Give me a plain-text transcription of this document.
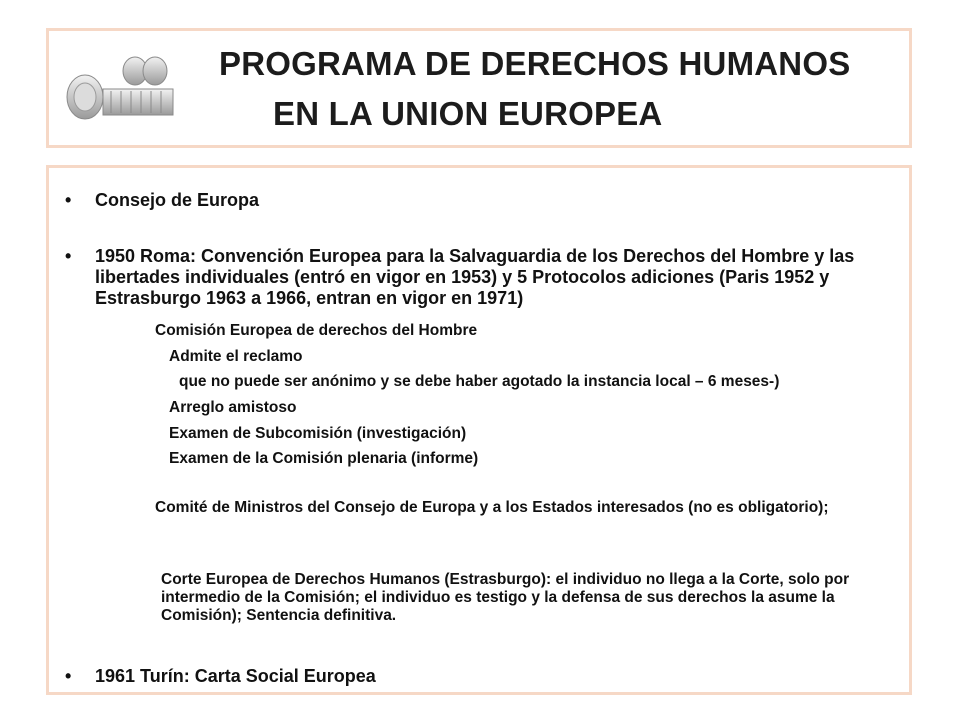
PROGRAMA DE DERECHOS HUMANOS
EN LA UNION EUROPEA
• Consejo de Europa
• 1950 Roma: Convención Europea para la Salvaguardia de los Derechos del Hombre y las libertades individuales (entró en vigor en 1953) y 5 Protocolos adiciones (Paris 1952 y Estrasburgo 1963 a 1966, entran en vigor en 1971)
Comisión Europea de derechos del Hombre
Admite el reclamo
que no puede ser anónimo y se debe haber agotado la instancia local – 6 meses-)
Arreglo amistoso
Examen de Subcomisión (investigación)
Examen de la Comisión plenaria (informe)
Comité de Ministros del Consejo de Europa y a los Estados interesados (no es obligatorio);
Corte Europea de Derechos Humanos (Estrasburgo): el individuo no llega a la Corte, solo por intermedio de la Comisión; el individuo es testigo y la defensa de sus derechos la asume la Comisión); Sentencia definitiva.
• 1961 Turín: Carta Social Europea
